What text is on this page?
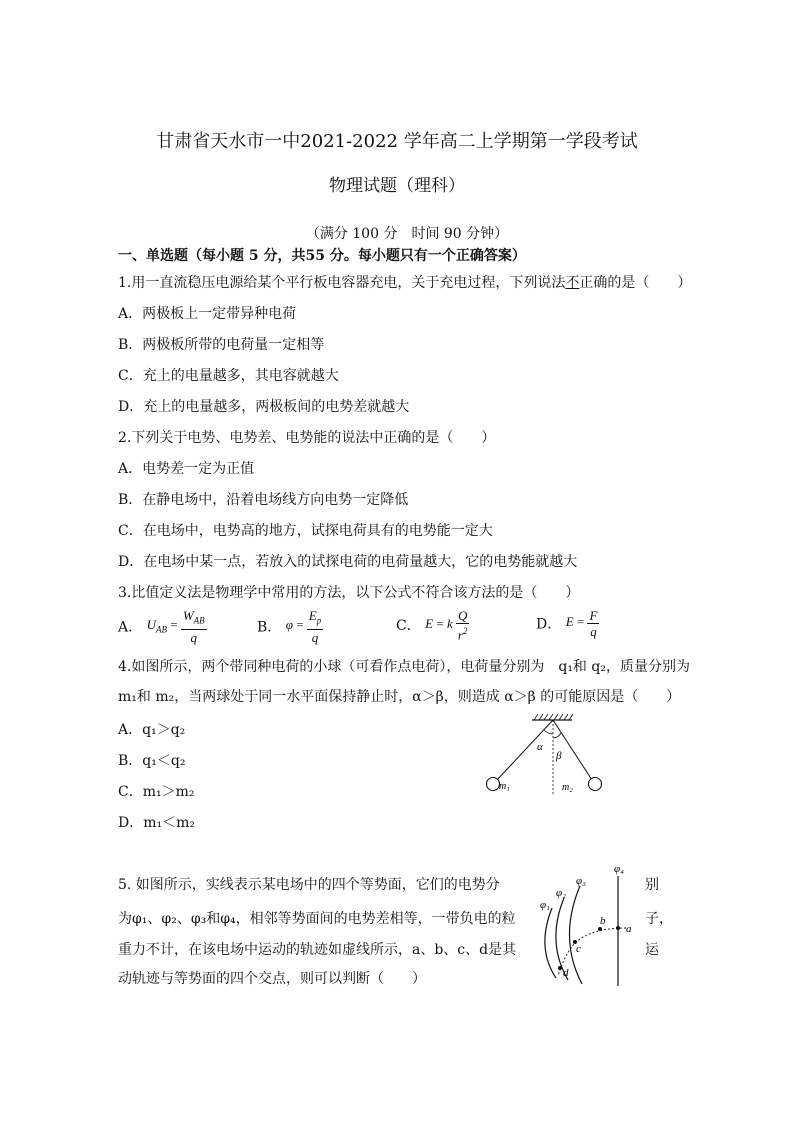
甘肃省天水市一中2021-2022 学年高二上学期第一学段考试
物理试题（理科）
（满分 100 分　时间 90 分钟）
一、单选题（每小题 5 分，共55 分。每小题只有一个正确答案）
1.用一直流稳压电源给某个平行板电容器充电，关于充电过程，下列说法不正确的是（　　）
A．两极板上一定带异种电荷
B．两极板所带的电荷量一定相等
C．充上的电量越多，其电容就越大
D．充上的电量越多，两极板间的电势差就越大
2.下列关于电势、电势差、电势能的说法中正确的是（　　）
A．电势差一定为正值
B．在静电场中，沿着电场线方向电势一定降低
C．在电场中，电势高的地方，试探电荷具有的电势能一定大
D．在电场中某一点，若放入的试探电荷的电荷量越大，它的电势能就越大
3.比值定义法是物理学中常用的方法，以下公式不符合该方法的是（　　）
A． $U_{AB} = \frac{W_{AB}}{q}$	B． $\varphi = \frac{E_p}{q}$	C． E = k $\frac{Q}{r^2}$	D． $E = \frac{F}{q}$
4.如图所示，两个带同种电荷的小球（可看作点电荷），电荷量分别为　q₁和 q₂，质量分别为
m₁和 m₂，当两球处于同一水平面保持静止时，α＞β，则造成 α＞β 的可能原因是（　　）
A．q₁＞q₂
B．q₁＜q₂
C．m₁＞m₂
D．m₁＜m₂
α
β
m₁	m₂
5. 如图所示，实线表示某电场中的四个等势面，它们的电势分
为φ₁、φ₂、φ₃和φ₄，相邻等势面间的电势差相等，一带负电的粒
重力不计，在该电场中运动的轨迹如虚线所示，a、b、c、d是其
动轨迹与等势面的四个交点，则可以判断（　　）
别
子，
运
φ₁
φ₂
φ₃
φ₄
a
b
c
d
